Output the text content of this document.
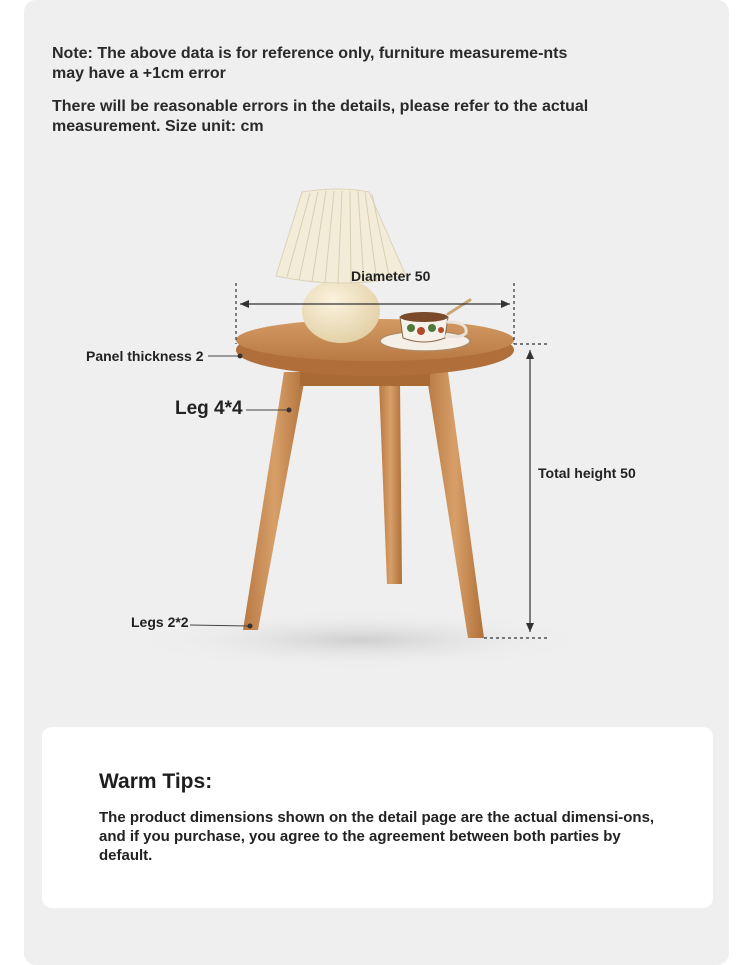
Note: The above data is for reference only, furniture measureme-nts may have a +1cm error
There will be reasonable errors in the details, please refer to the actual measurement. Size unit: cm
Diameter 50
Panel thickness 2
Leg 4*4
Total height 50
Legs 2*2
Warm Tips:
The product dimensions shown on the detail page are the actual dimensi-ons, and if you purchase, you agree to the agreement between both parties by default.
